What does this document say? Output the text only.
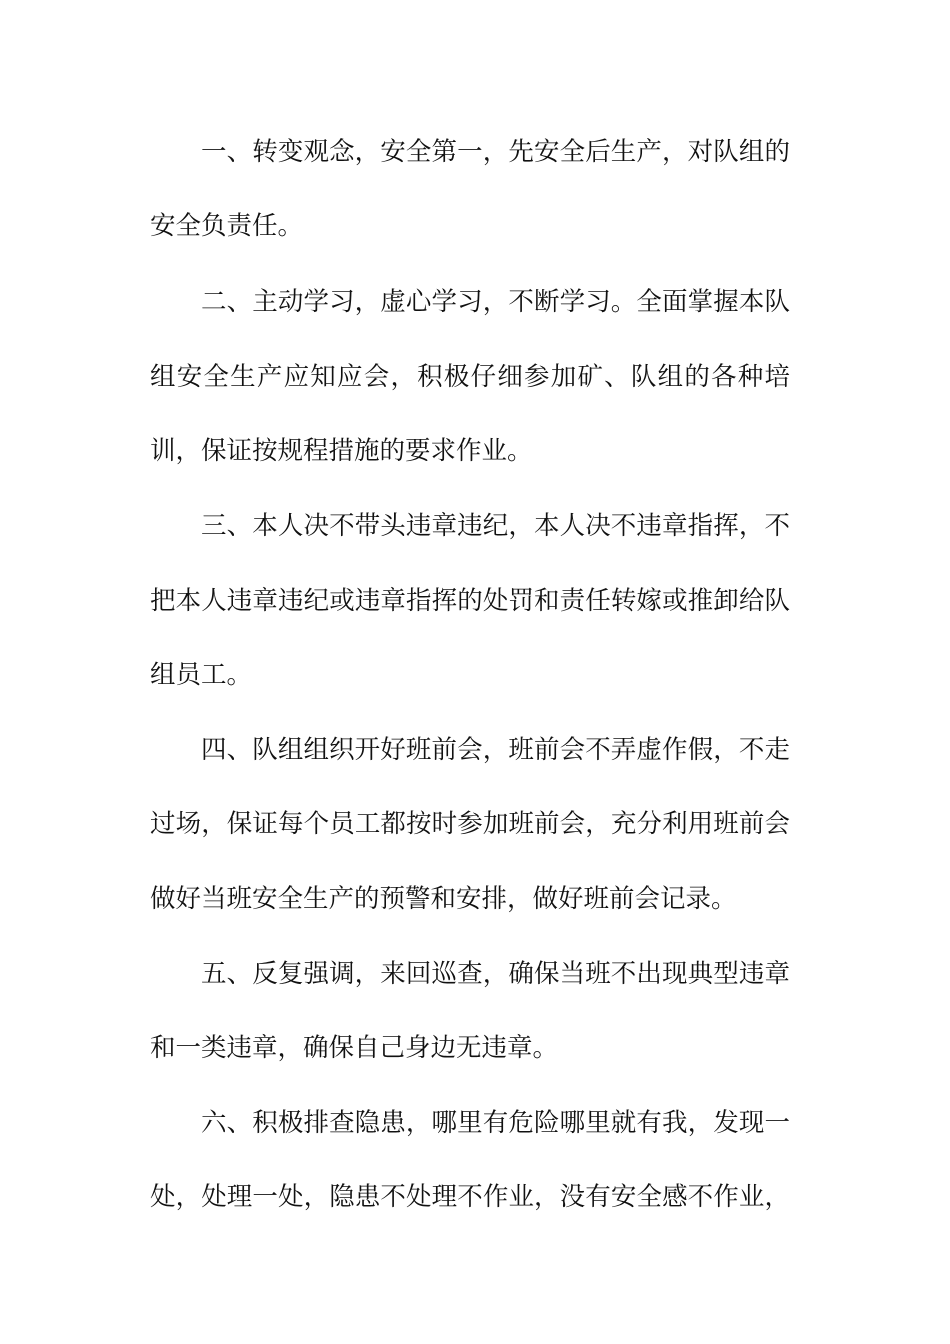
一、转变观念，安全第一，先安全后生产，对队组的
安全负责任。
二、主动学习，虚心学习，不断学习。全面掌握本队
组安全生产应知应会，积极仔细参加矿、队组的各种培
训，保证按规程措施的要求作业。
三、本人决不带头违章违纪，本人决不违章指挥，不
把本人违章违纪或违章指挥的处罚和责任转嫁或推卸给队
组员工。
四、队组组织开好班前会，班前会不弄虚作假，不走
过场，保证每个员工都按时参加班前会，充分利用班前会
做好当班安全生产的预警和安排，做好班前会记录。
五、反复强调，来回巡查，确保当班不出现典型违章
和一类违章，确保自己身边无违章。
六、积极排查隐患，哪里有危险哪里就有我，发现一
处，处理一处，隐患不处理不作业，没有安全感不作业，
